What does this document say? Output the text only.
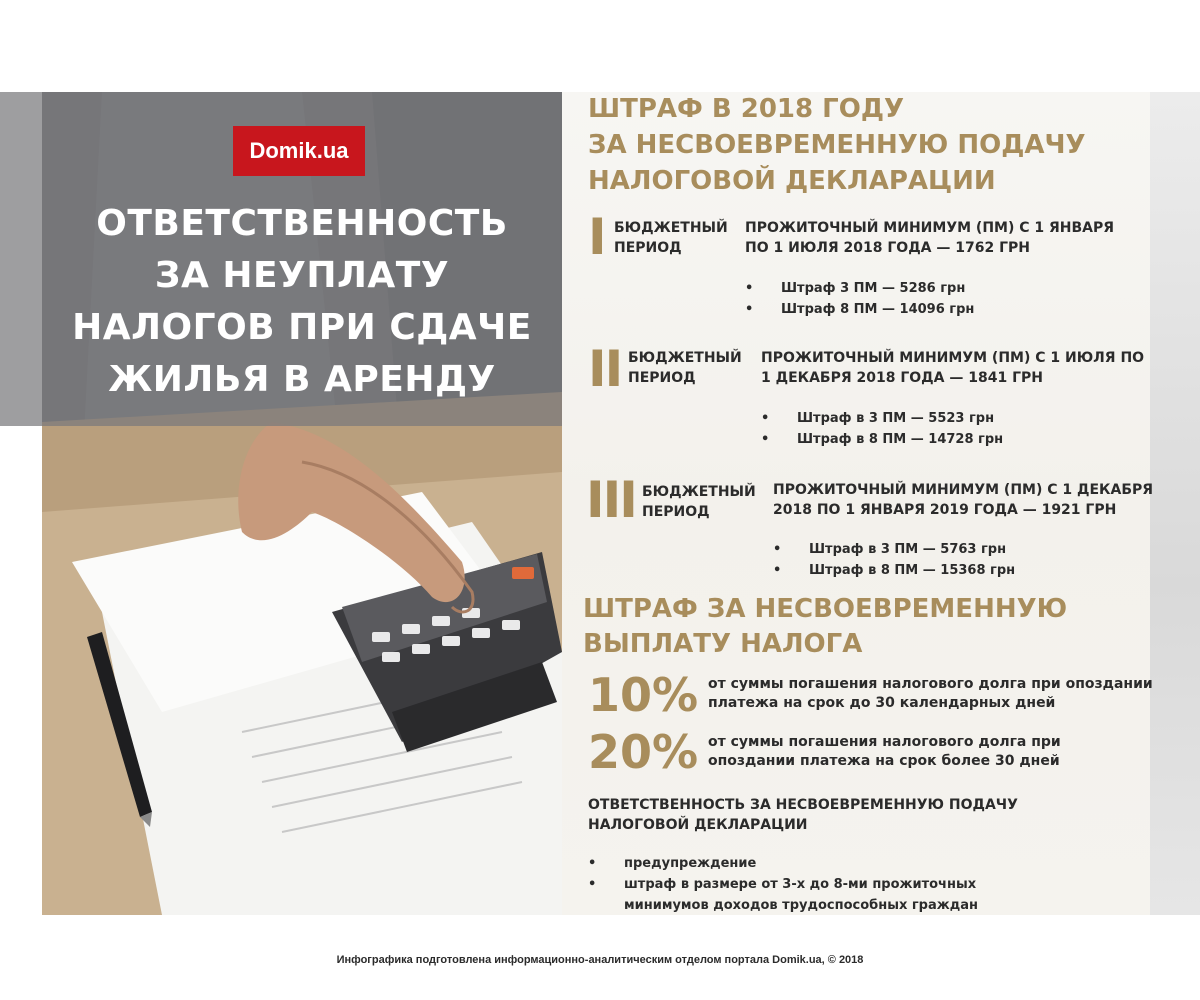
Domik.ua
ОТВЕТСТВЕННОСТЬ
ЗА НЕУПЛАТУ
НАЛОГОВ ПРИ СДАЧЕ
ЖИЛЬЯ В АРЕНДУ
ШТРАФ В 2018 ГОДУ
ЗА НЕСВОЕВРЕМЕННУЮ ПОДАЧУ
НАЛОГОВОЙ ДЕКЛАРАЦИИ
I БЮДЖЕТНЫЙ
ПЕРИОД
ПРОЖИТОЧНЫЙ МИНИМУМ (ПМ) С 1 ЯНВАРЯ
ПО 1 ИЮЛЯ 2018 ГОДА — 1762 ГРН
• Штраф 3 ПМ — 5286 грн
• Штраф 8 ПМ — 14096 грн
II БЮДЖЕТНЫЙ
ПЕРИОД
ПРОЖИТОЧНЫЙ МИНИМУМ (ПМ) С 1 ИЮЛЯ ПО
1 ДЕКАБРЯ 2018 ГОДА — 1841 ГРН
• Штраф в 3 ПМ — 5523 грн
• Штраф в 8 ПМ — 14728 грн
III БЮДЖЕТНЫЙ
ПЕРИОД
ПРОЖИТОЧНЫЙ МИНИМУМ (ПМ) С 1 ДЕКАБРЯ
2018 ПО 1 ЯНВАРЯ 2019 ГОДА — 1921 ГРН
• Штраф в 3 ПМ — 5763 грн
• Штраф в 8 ПМ — 15368 грн
ШТРАФ ЗА НЕСВОЕВРЕМЕННУЮ
ВЫПЛАТУ НАЛОГА
10% от суммы погашения налогового долга при опоздании
платежа на срок до 30 календарных дней
20% от суммы погашения налогового долга при
опоздании платежа на срок более 30 дней
ОТВЕТСТВЕННОСТЬ ЗА НЕСВОЕВРЕМЕННУЮ ПОДАЧУ
НАЛОГОВОЙ ДЕКЛАРАЦИИ
• предупреждение
• штраф в размере от 3-х до 8-ми прожиточных
минимумов доходов трудоспособных граждан
Инфографика подготовлена информационно-аналитическим отделом портала Domik.ua, © 2018
